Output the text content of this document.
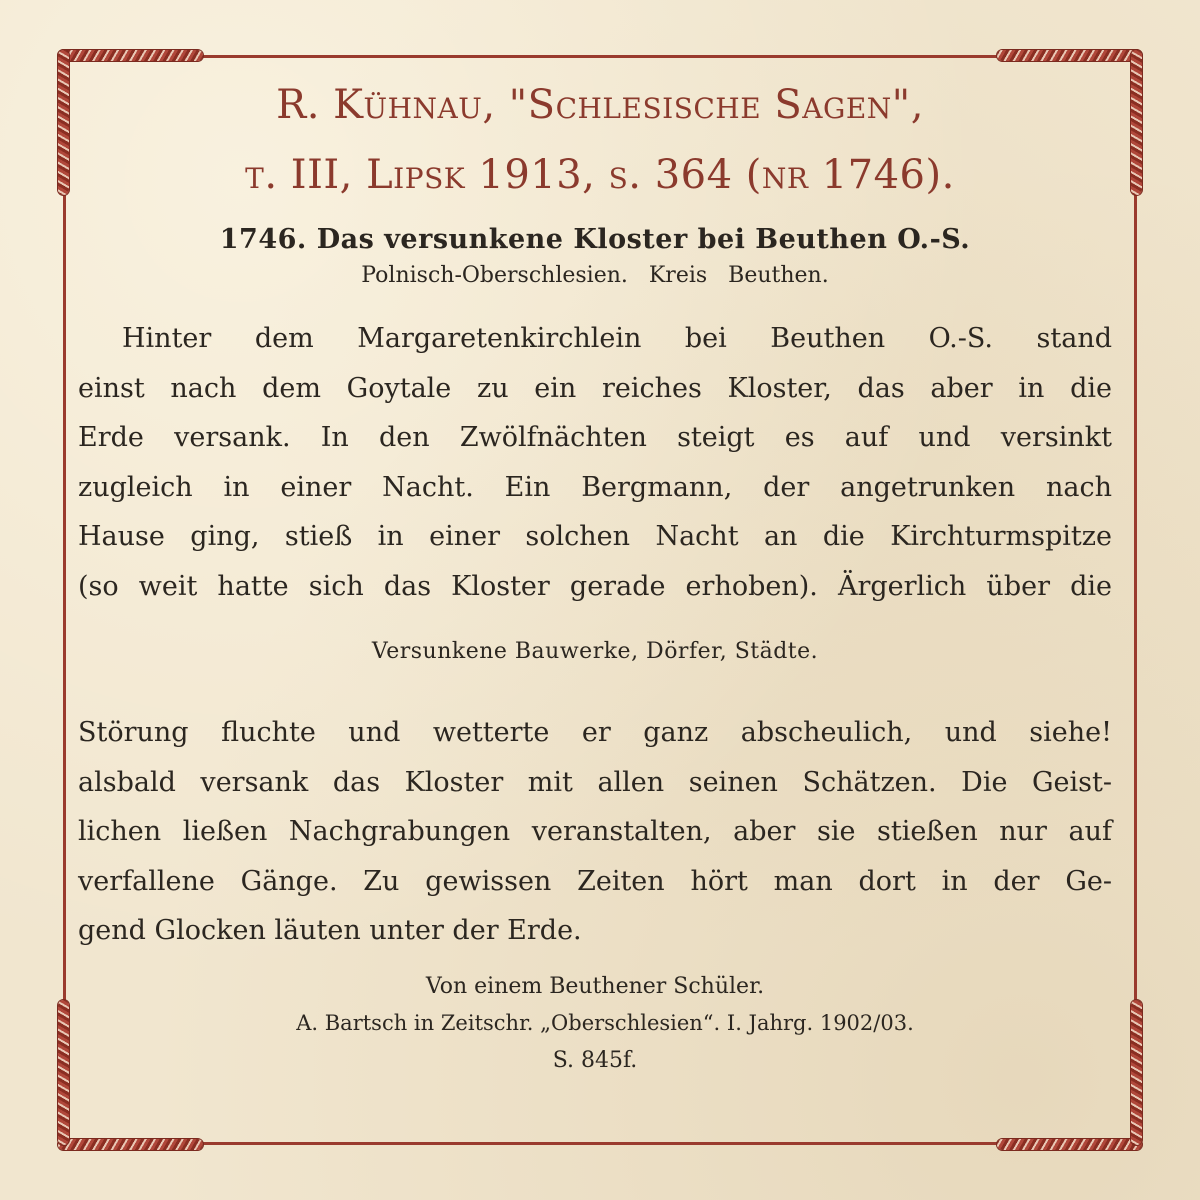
R. Kühnau, "Schlesische Sagen",
t. III, Lipsk 1913, s. 364 (nr 1746).
1746. Das versunkene Kloster bei Beuthen O.-S.
Polnisch-Oberschlesien. Kreis Beuthen.
Hinter dem Margaretenkirchlein bei Beuthen O.-S. stand
einst nach dem Goytale zu ein reiches Kloster, das aber in die
Erde versank. In den Zwölfnächten steigt es auf und versinkt
zugleich in einer Nacht. Ein Bergmann, der angetrunken nach
Hause ging, stieß in einer solchen Nacht an die Kirchturmspitze
(so weit hatte sich das Kloster gerade erhoben). Ärgerlich über die
Versunkene Bauwerke, Dörfer, Städte.
Störung fluchte und wetterte er ganz abscheulich, und siehe!
alsbald versank das Kloster mit allen seinen Schätzen. Die Geist-
lichen ließen Nachgrabungen veranstalten, aber sie stießen nur auf
verfallene Gänge. Zu gewissen Zeiten hört man dort in der Ge-
gend Glocken läuten unter der Erde.
Von einem Beuthener Schüler.
A. Bartsch in Zeitschr. „Oberschlesien“. I. Jahrg. 1902/03.
S. 845f.
